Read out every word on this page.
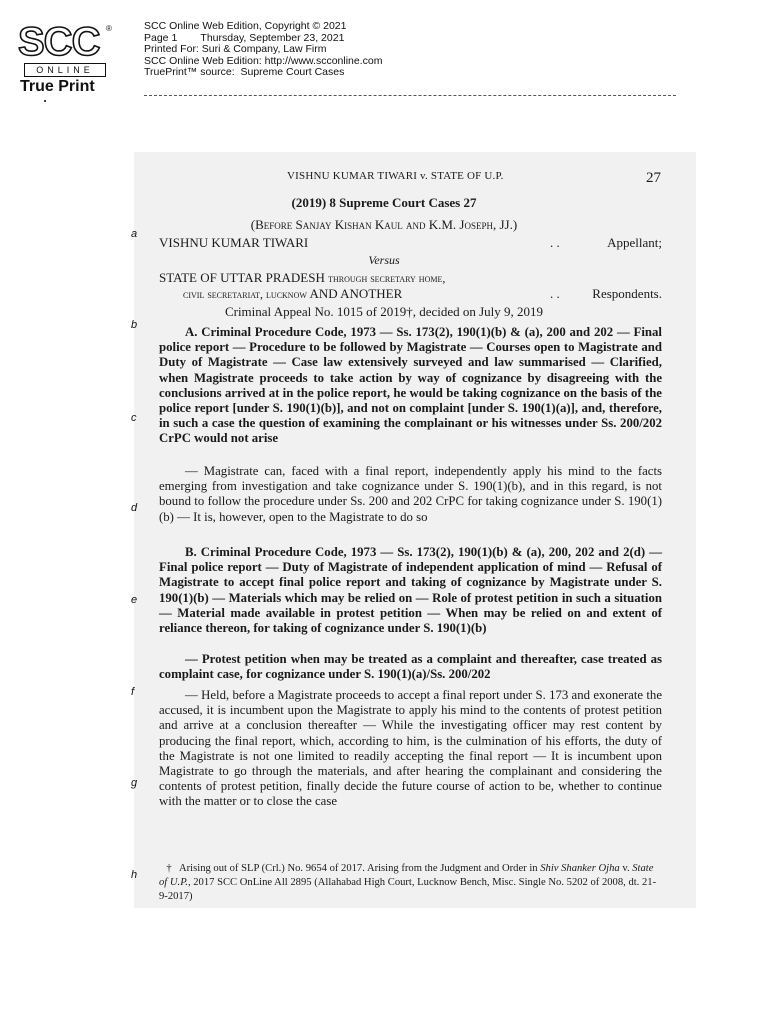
SCC ®
ONLINE
True Print
SCC Online Web Edition, Copyright © 2021
Page 1        Thursday, September 23, 2021
Printed For: Suri & Company, Law Firm
SCC Online Web Edition: http://www.scconline.com
TruePrint™ source:  Supreme Court Cases
VISHNU KUMAR TIWARI v. STATE OF U.P.	27
(2019) 8 Supreme Court Cases 27
(Before Sanjay Kishan Kaul and K.M. Joseph, JJ.)
VISHNU KUMAR TIWARI	. .	Appellant;
Versus
STATE OF UTTAR PRADESH through secretary home,
civil secretariat, lucknow AND ANOTHER	. .	Respondents.
Criminal Appeal No. 1015 of 2019†, decided on July 9, 2019
a
b
c
d
e
f
g
h

A. Criminal Procedure Code, 1973 — Ss. 173(2), 190(1)(b) & (a), 200 and 202 — Final police report — Procedure to be followed by Magistrate — Courses open to Magistrate and Duty of Magistrate — Case law extensively surveyed and law summarised — Clarified, when Magistrate proceeds to take action by way of cognizance by disagreeing with the conclusions arrived at in the police report, he would be taking cognizance on the basis of the police report [under S. 190(1)(b)], and not on complaint [under S. 190(1)(a)], and, therefore, in such a case the question of examining the complainant or his witnesses under Ss. 200/202 CrPC would not arise

— Magistrate can, faced with a final report, independently apply his mind to the facts emerging from investigation and take cognizance under S. 190(1)(b), and in this regard, is not bound to follow the procedure under Ss. 200 and 202 CrPC for taking cognizance under S. 190(1)(b) — It is, however, open to the Magistrate to do so

B. Criminal Procedure Code, 1973 — Ss. 173(2), 190(1)(b) & (a), 200, 202 and 2(d) — Final police report — Duty of Magistrate of independent application of mind — Refusal of Magistrate to accept final police report and taking of cognizance by Magistrate under S. 190(1)(b) — Materials which may be relied on — Role of protest petition in such a situation — Material made available in protest petition — When may be relied on and extent of reliance thereon, for taking of cognizance under S. 190(1)(b)

— Protest petition when may be treated as a complaint and thereafter, case treated as complaint case, for cognizance under S. 190(1)(a)/Ss. 200/202

— Held, before a Magistrate proceeds to accept a final report under S. 173 and exonerate the accused, it is incumbent upon the Magistrate to apply his mind to the contents of protest petition and arrive at a conclusion thereafter — While the investigating officer may rest content by producing the final report, which, according to him, is the culmination of his efforts, the duty of the Magistrate is not one limited to readily accepting the final report — It is incumbent upon Magistrate to go through the materials, and after hearing the complainant and considering the contents of protest petition, finally decide the future course of action to be, whether to continue with the matter or to close the case

† Arising out of SLP (Crl.) No. 9654 of 2017. Arising from the Judgment and Order in Shiv Shanker Ojha v. State of U.P., 2017 SCC OnLine All 2895 (Allahabad High Court, Lucknow Bench, Misc. Single No. 5202 of 2008, dt. 21-9-2017)
